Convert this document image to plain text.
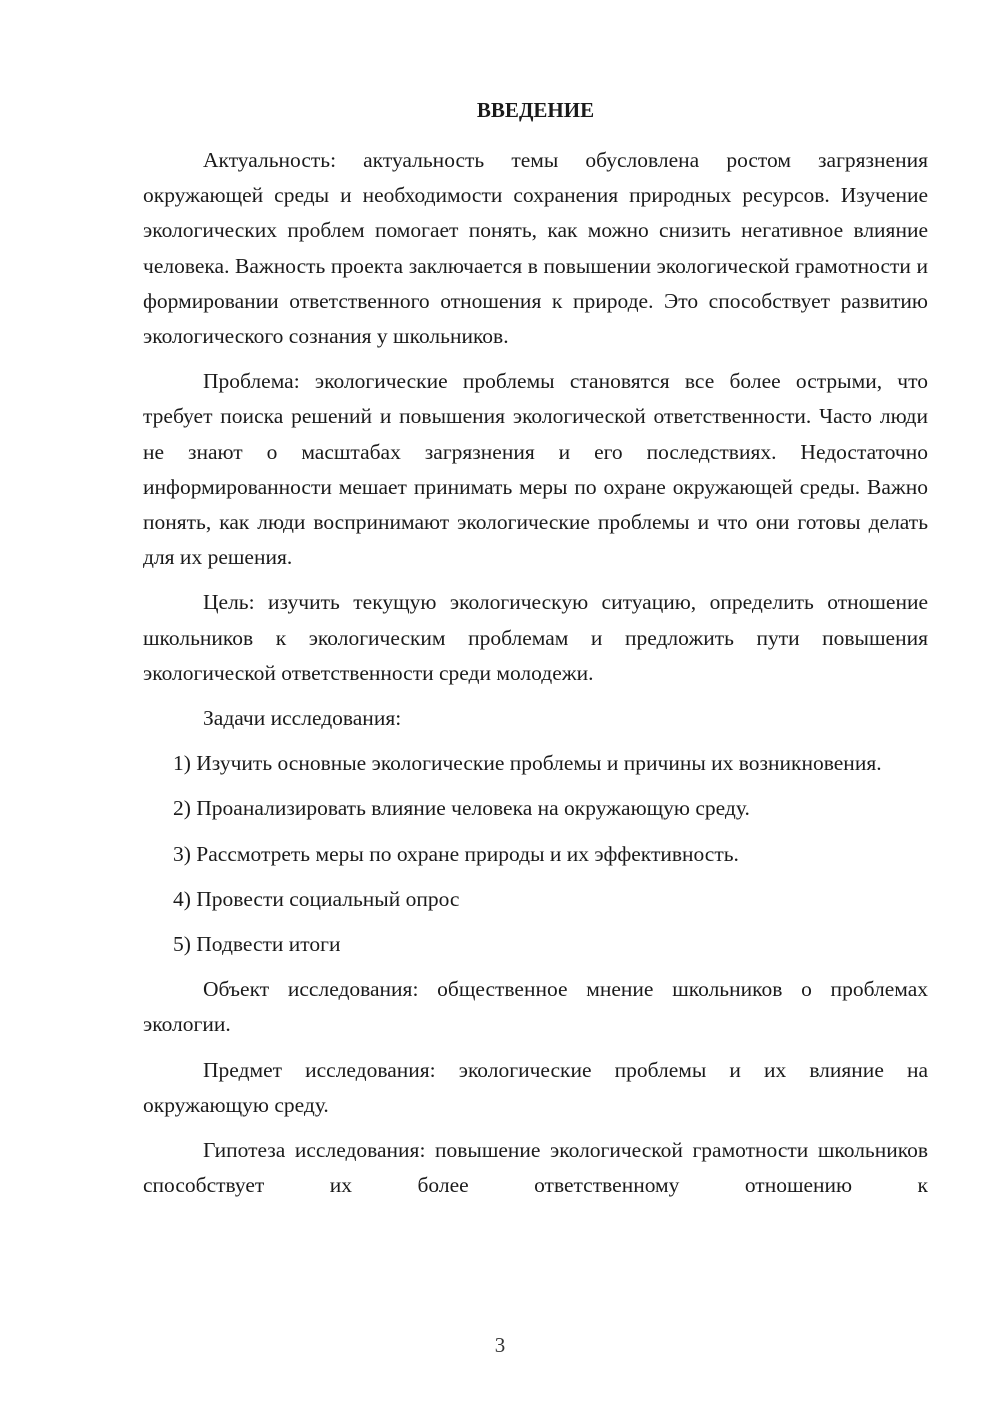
ВВЕДЕНИЕ

Актуальность: актуальность темы обусловлена ростом загрязнения окружающей среды и необходимости сохранения природных ресурсов. Изучение экологических проблем помогает понять, как можно снизить негативное влияние человека. Важность проекта заключается в повышении экологической грамотности и формировании ответственного отношения к природе. Это способствует развитию экологического сознания у школьников.

Проблема: экологические проблемы становятся все более острыми, что требует поиска решений и повышения экологической ответственности. Часто люди не знают о масштабах загрязнения и его последствиях. Недостаточно информированности мешает принимать меры по охране окружающей среды. Важно понять, как люди воспринимают экологические проблемы и что они готовы делать для их решения.

Цель: изучить текущую экологическую ситуацию, определить отношение школьников к экологическим проблемам и предложить пути повышения экологической ответственности среди молодежи.

Задачи исследования:

1) Изучить основные экологические проблемы и причины их возникновения.

2) Проанализировать влияние человека на окружающую среду.

3) Рассмотреть меры по охране природы и их эффективность.

4) Провести социальный опрос

5) Подвести итоги

Объект исследования: общественное мнение школьников о проблемах экологии.

Предмет исследования: экологические проблемы и их влияние на окружающую среду.

Гипотеза исследования: повышение экологической грамотности школьников способствует их более ответственному отношению к

3
